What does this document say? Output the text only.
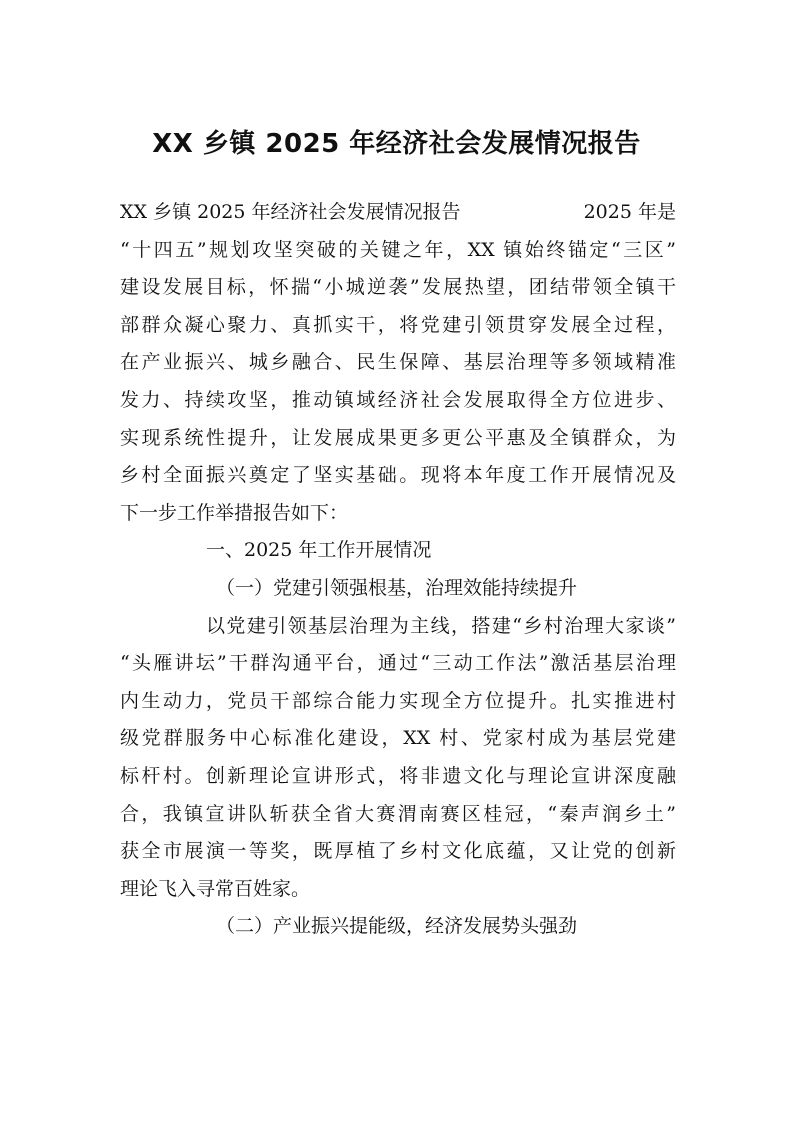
XX 乡镇 2025 年经济社会发展情况报告
XX 乡镇 2025 年经济社会发展情况报告	2025 年是
“十四五”规划攻坚突破的关键之年，XX 镇始终锚定“三区”
建设发展目标，怀揣“小城逆袭”发展热望，团结带领全镇干
部群众凝心聚力、真抓实干，将党建引领贯穿发展全过程，
在产业振兴、城乡融合、民生保障、基层治理等多领域精准
发力、持续攻坚，推动镇域经济社会发展取得全方位进步、
实现系统性提升，让发展成果更多更公平惠及全镇群众，为
乡村全面振兴奠定了坚实基础。现将本年度工作开展情况及
下一步工作举措报告如下：
一、2025 年工作开展情况
（一）党建引领强根基，治理效能持续提升
以党建引领基层治理为主线，搭建“乡村治理大家谈”
“头雁讲坛”干群沟通平台，通过“三动工作法”激活基层治理
内生动力，党员干部综合能力实现全方位提升。扎实推进村
级党群服务中心标准化建设，XX 村、党家村成为基层党建
标杆村。创新理论宣讲形式，将非遗文化与理论宣讲深度融
合，我镇宣讲队斩获全省大赛渭南赛区桂冠，“秦声润乡土”
获全市展演一等奖，既厚植了乡村文化底蕴，又让党的创新
理论飞入寻常百姓家。
（二）产业振兴提能级，经济发展势头强劲
